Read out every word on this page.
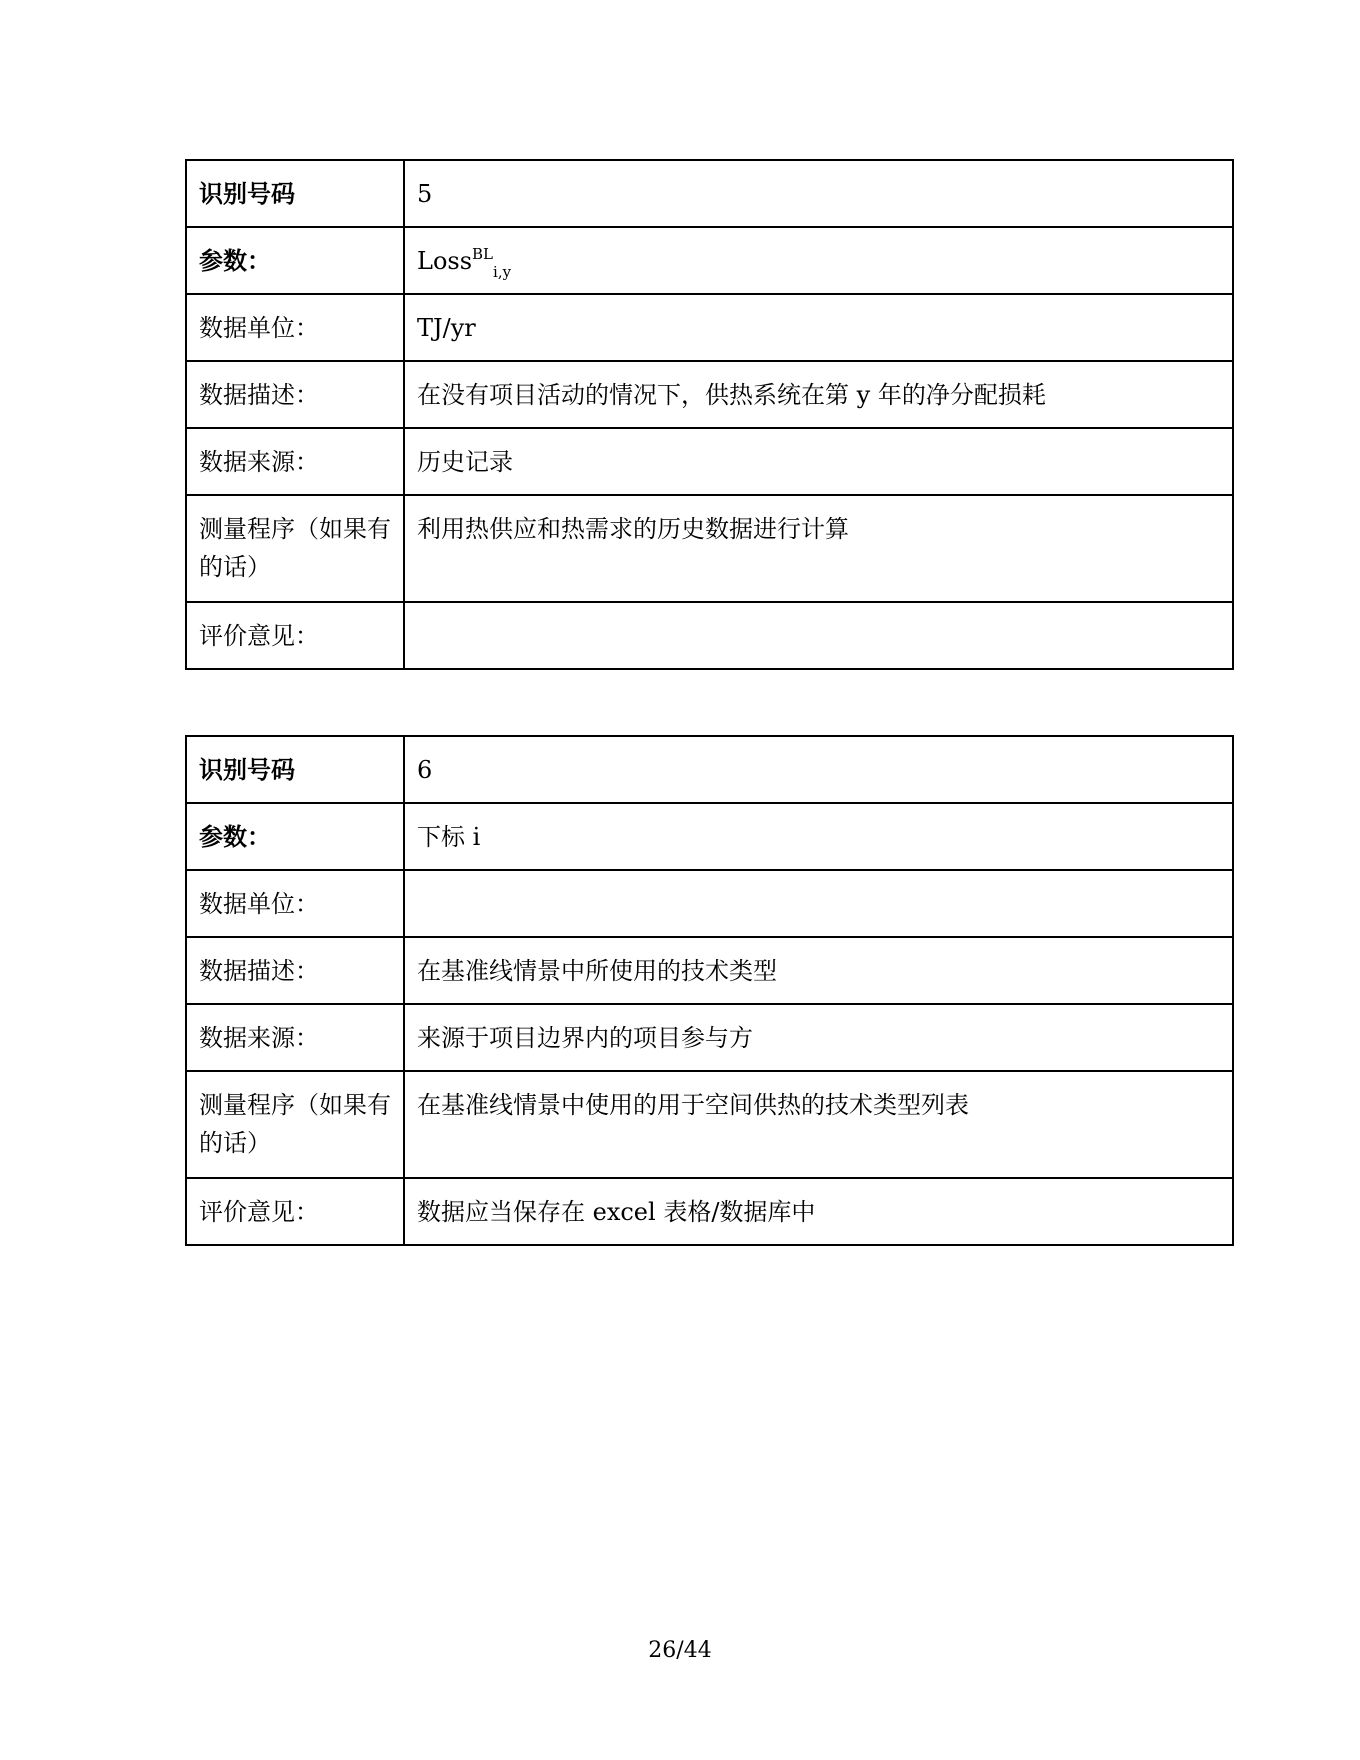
识别号码	5
参数：	Loss$^{BL}_{i,y}$
数据单位：	TJ/yr
数据描述：	在没有项目活动的情况下，供热系统在第 y 年的净分配损耗
数据来源：	历史记录
测量程序（如果有的话）	利用热供应和热需求的历史数据进行计算
评价意见：	
识别号码	6
参数：	下标 i
数据单位：	
数据描述：	在基准线情景中所使用的技术类型
数据来源：	来源于项目边界内的项目参与方
测量程序（如果有的话）	在基准线情景中使用的用于空间供热的技术类型列表
评价意见：	数据应当保存在 excel 表格/数据库中
26/44
